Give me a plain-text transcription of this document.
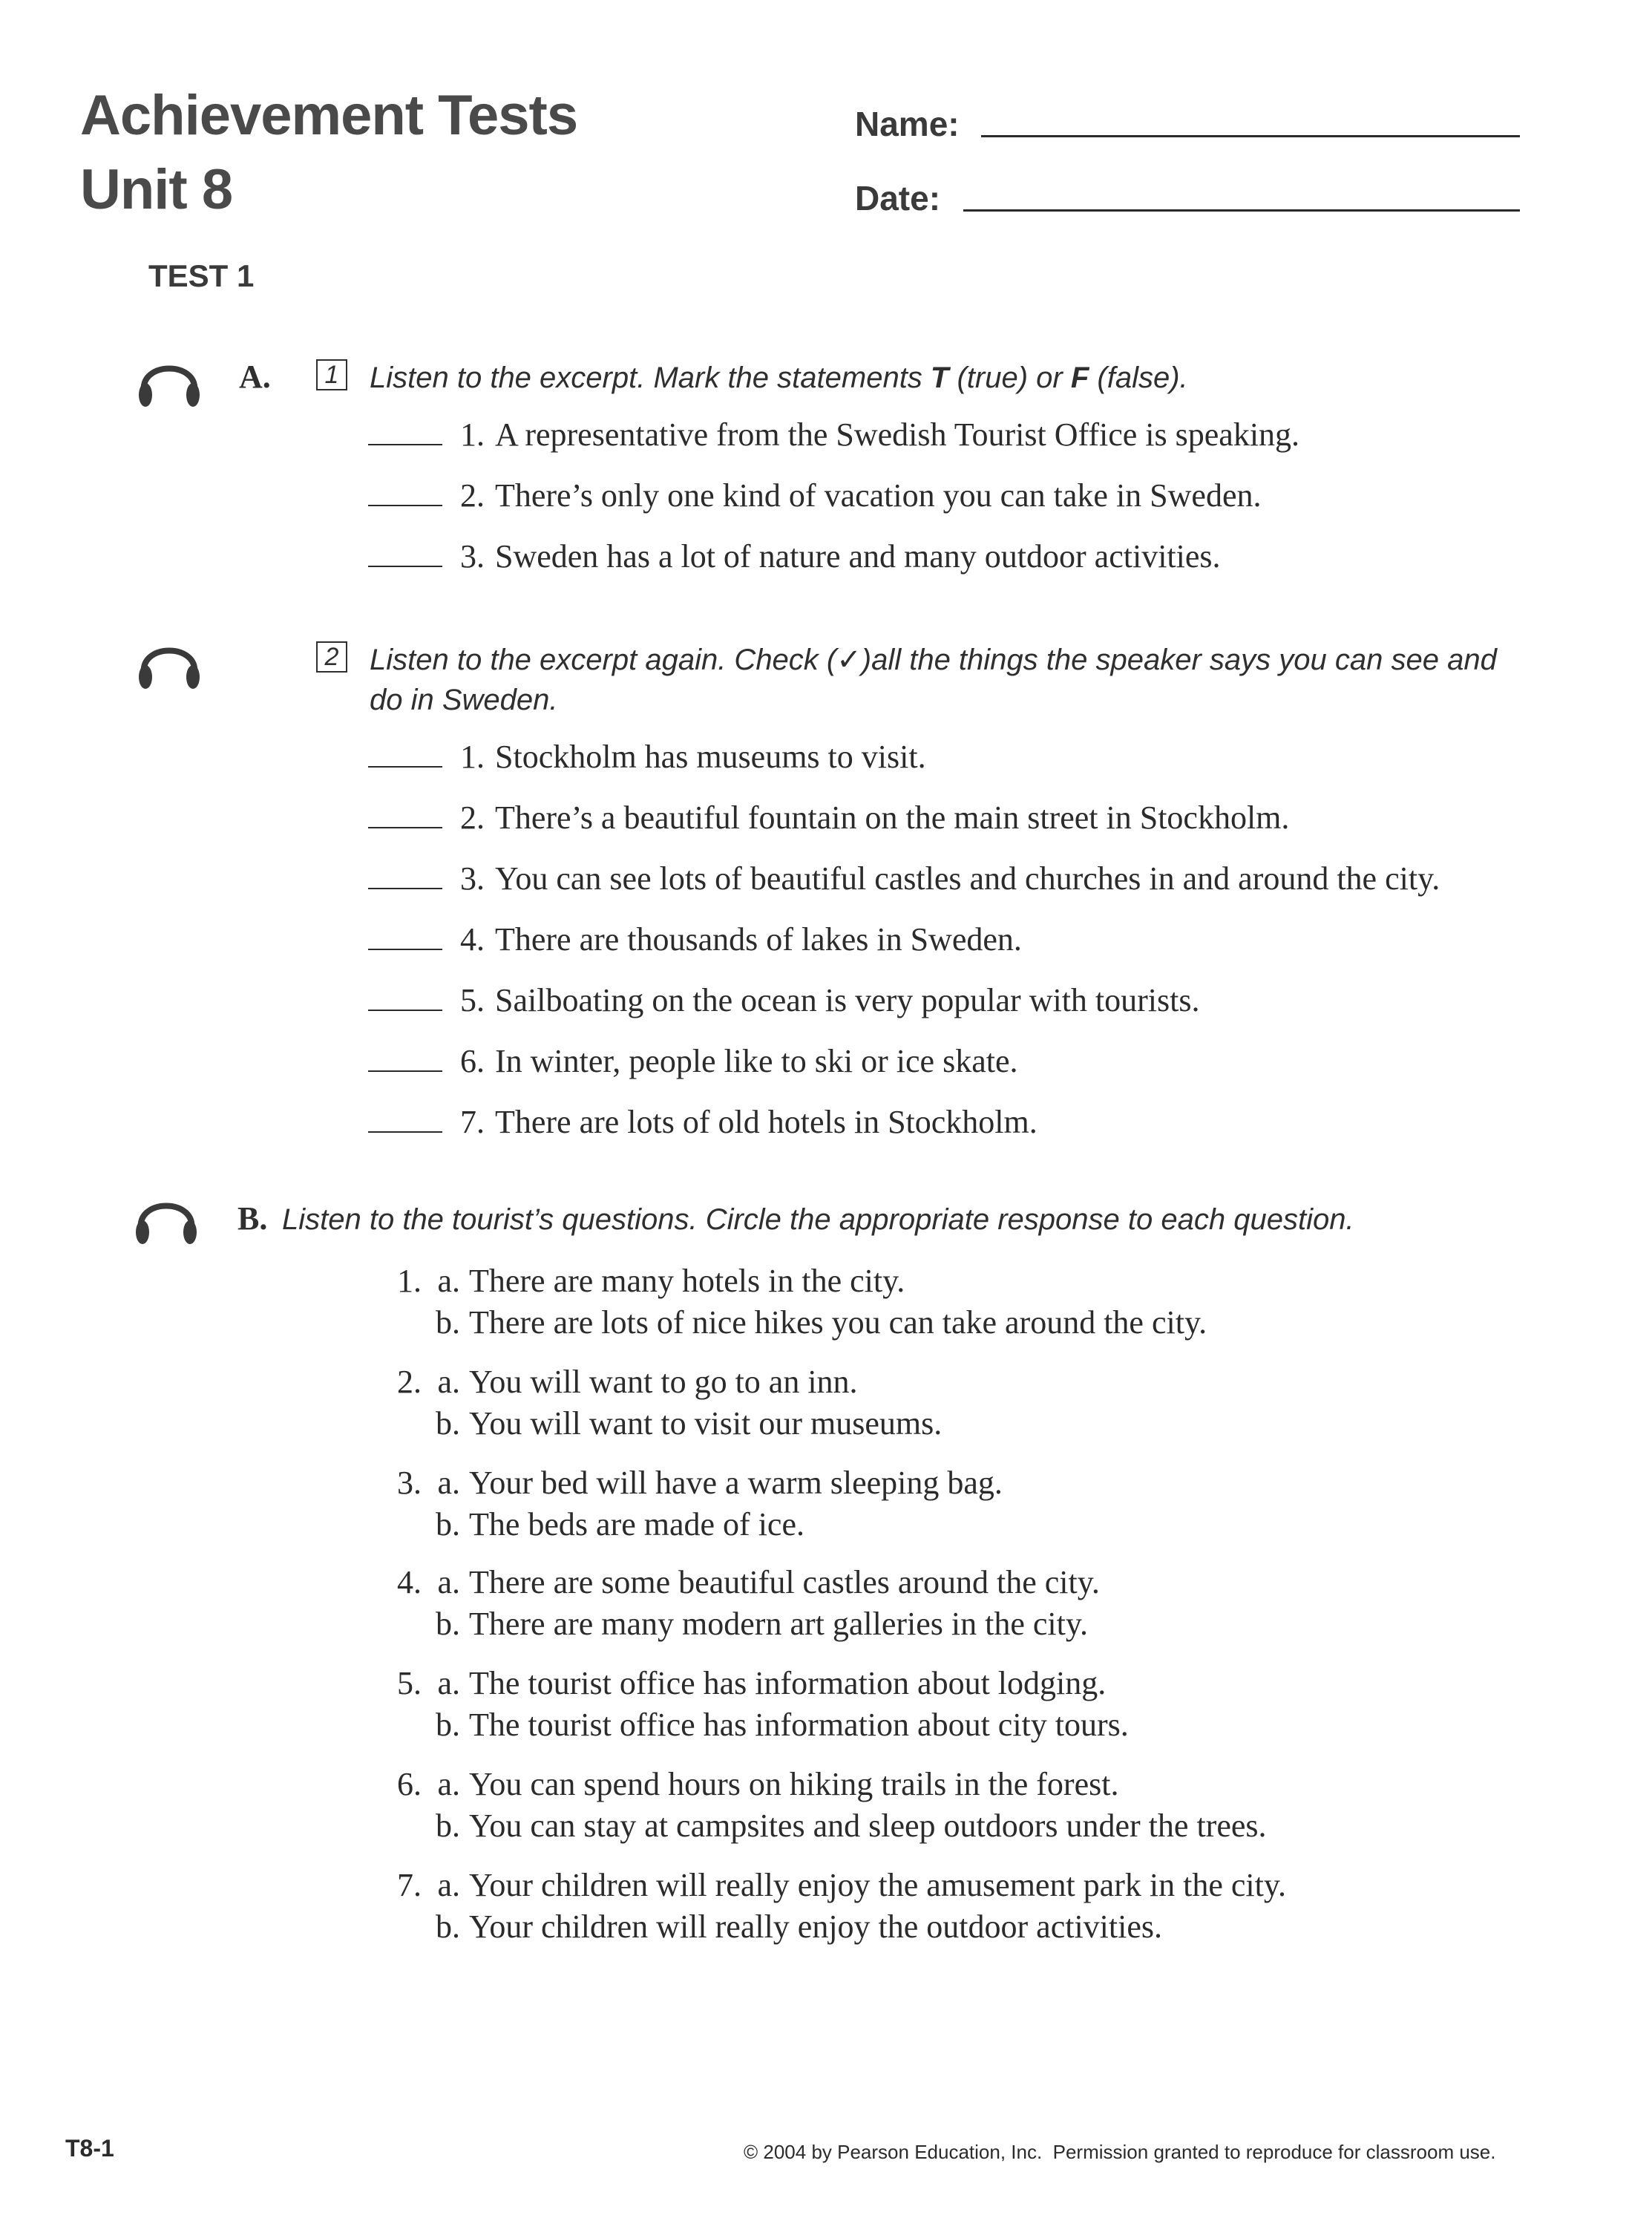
Achievement Tests
Unit 8
Name:
Date:
TEST 1
A.	1 Listen to the excerpt. Mark the statements T (true) or F (false).
1. A representative from the Swedish Tourist Office is speaking.
2. There’s only one kind of vacation you can take in Sweden.
3. Sweden has a lot of nature and many outdoor activities.
2 Listen to the excerpt again. Check (✓)all the things the speaker says you can see and
do in Sweden.
1. Stockholm has museums to visit.
2. There’s a beautiful fountain on the main street in Stockholm.
3. You can see lots of beautiful castles and churches in and around the city.
4. There are thousands of lakes in Sweden.
5. Sailboating on the ocean is very popular with tourists.
6. In winter, people like to ski or ice skate.
7. There are lots of old hotels in Stockholm.
B. Listen to the tourist’s questions. Circle the appropriate response to each question.
1. a. There are many hotels in the city.
b. There are lots of nice hikes you can take around the city.
2. a. You will want to go to an inn.
b. You will want to visit our museums.
3. a. Your bed will have a warm sleeping bag.
b. The beds are made of ice.
4. a. There are some beautiful castles around the city.
b. There are many modern art galleries in the city.
5. a. The tourist office has information about lodging.
b. The tourist office has information about city tours.
6. a. You can spend hours on hiking trails in the forest.
b. You can stay at campsites and sleep outdoors under the trees.
7. a. Your children will really enjoy the amusement park in the city.
b. Your children will really enjoy the outdoor activities.
T8-1	© 2004 by Pearson Education, Inc.  Permission granted to reproduce for classroom use.
